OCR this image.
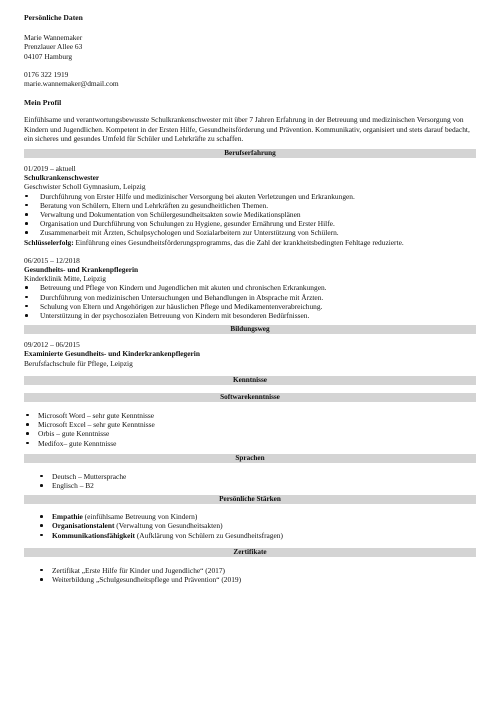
Persönliche Daten
Marie Wannemaker
Prenzlauer Allee 63
04107 Hamburg
0176 322 1919
marie.wannemaker@dmail.com
Mein Profil
Einfühlsame und verantwortungsbewusste Schulkrankenschwester mit über 7 Jahren Erfahrung in der Betreuung und medizinischen Versorgung von Kindern und Jugendlichen. Kompetent in der Ersten Hilfe, Gesundheitsförderung und Prävention. Kommunikativ, organisiert und stets darauf bedacht, ein sicheres und gesundes Umfeld für Schüler und Lehrkräfte zu schaffen.
Berufserfahrung
01/2019 – aktuell
Schulkrankenschwester
Geschwister Scholl Gymnasium, Leipzig
Durchführung von Erster Hilfe und medizinischer Versorgung bei akuten Verletzungen und Erkrankungen.
Beratung von Schülern, Eltern und Lehrkräften zu gesundheitlichen Themen.
Verwaltung und Dokumentation von Schülergesundheitsakten sowie Medikationsplänen
Organisation und Durchführung von Schulungen zu Hygiene, gesunder Ernährung und Erster Hilfe.
Zusammenarbeit mit Ärzten, Schulpsychologen und Sozialarbeitern zur Unterstützung von Schülern.
Schlüsselerfolg: Einführung eines Gesundheitsförderungsprogramms, das die Zahl der krankheitsbedingten Fehltage reduzierte.
06/2015 – 12/2018
Gesundheits- und Krankenpflegerin
Kinderklinik Mitte, Leipzig
Betreuung und Pflege von Kindern und Jugendlichen mit akuten und chronischen Erkrankungen.
Durchführung von medizinischen Untersuchungen und Behandlungen in Absprache mit Ärzten.
Schulung von Eltern und Angehörigen zur häuslichen Pflege und Medikamentenverabreichung.
Unterstützung in der psychosozialen Betreuung von Kindern mit besonderen Bedürfnissen.
Bildungsweg
09/2012 – 06/2015
Examinierte Gesundheits- und Kinderkrankenpflegerin
Berufsfachschule für Pflege, Leipzig
Kenntnisse
Softwarekenntnisse
Microsoft Word – sehr gute Kenntnisse
Microsoft Excel – sehr gute Kenntnisse
Orbis – gute Kenntnisse
Medifox– gute Kenntnisse
Sprachen
Deutsch – Muttersprache
Englisch – B2
Persönliche Stärken
Empathie (einfühlsame Betreuung von Kindern)
Organisationstalent (Verwaltung von Gesundheitsakten)
Kommunikationsfähigkeit (Aufklärung von Schülern zu Gesundheitsfragen)
Zertifikate
Zertifikat „Erste Hilfe für Kinder und Jugendliche“ (2017)
Weiterbildung „Schulgesundheitspflege und Prävention“ (2019)
